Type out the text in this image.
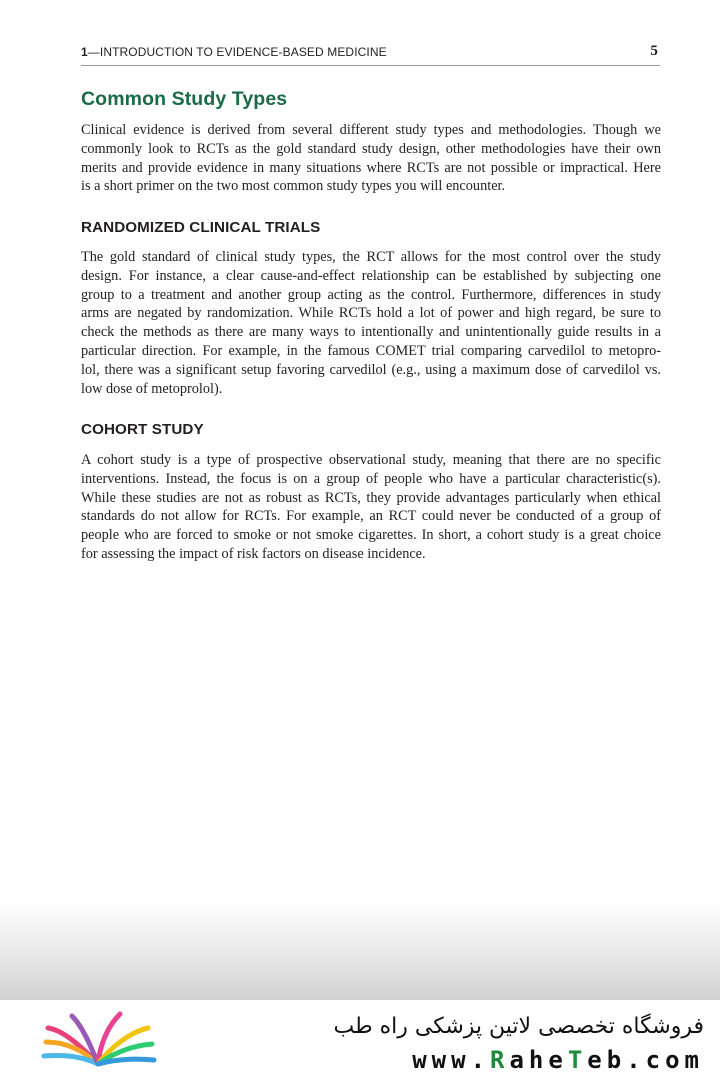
1—INTRODUCTION TO EVIDENCE-BASED MEDICINE	5
Common Study Types
Clinical evidence is derived from several different study types and methodologies. Though we
commonly look to RCTs as the gold standard study design, other methodologies have their own
merits and provide evidence in many situations where RCTs are not possible or impractical. Here
is a short primer on the two most common study types you will encounter.
RANDOMIZED CLINICAL TRIALS
The gold standard of clinical study types, the RCT allows for the most control over the study
design. For instance, a clear cause-and-effect relationship can be established by subjecting one
group to a treatment and another group acting as the control. Furthermore, differences in study
arms are negated by randomization. While RCTs hold a lot of power and high regard, be sure to
check the methods as there are many ways to intentionally and unintentionally guide results in a
particular direction. For example, in the famous COMET trial comparing carvedilol to metopro-
lol, there was a significant setup favoring carvedilol (e.g., using a maximum dose of carvedilol vs.
low dose of metoprolol).
COHORT STUDY
A cohort study is a type of prospective observational study, meaning that there are no specific
interventions. Instead, the focus is on a group of people who have a particular characteristic(s).
While these studies are not as robust as RCTs, they provide advantages particularly when ethical
standards do not allow for RCTs. For example, an RCT could never be conducted of a group of
people who are forced to smoke or not smoke cigarettes. In short, a cohort study is a great choice
for assessing the impact of risk factors on disease incidence.
فروشگاه تخصصی لاتین پزشکی راه طب
www.RaheTeb.com
